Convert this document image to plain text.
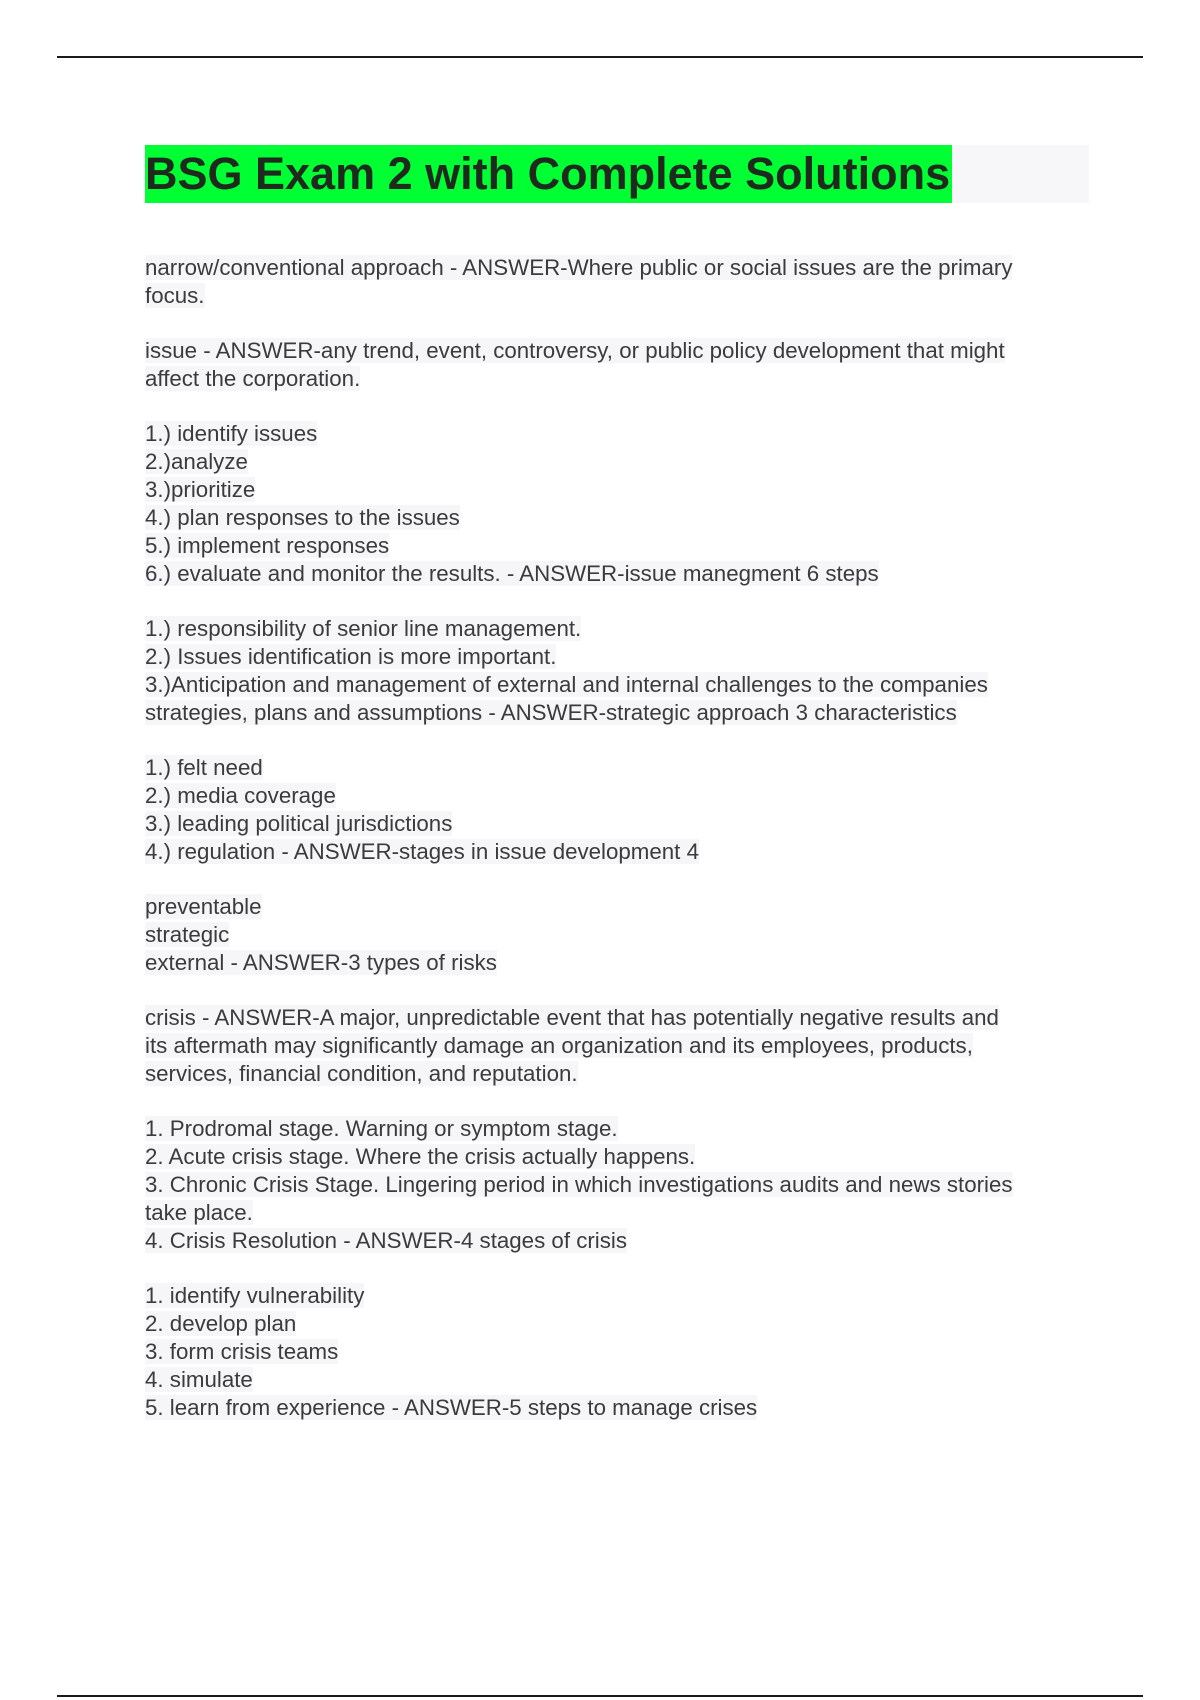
BSG Exam 2 with Complete Solutions
narrow/conventional approach - ANSWER-Where public or social issues are the primary
focus.
issue - ANSWER-any trend, event, controversy, or public policy development that might
affect the corporation.
1.) identify issues
2.)analyze
3.)prioritize
4.) plan responses to the issues
5.) implement responses
6.) evaluate and monitor the results. - ANSWER-issue manegment 6 steps
1.) responsibility of senior line management.
2.) Issues identification is more important.
3.)Anticipation and management of external and internal challenges to the companies
strategies, plans and assumptions - ANSWER-strategic approach 3 characteristics
1.) felt need
2.) media coverage
3.) leading political jurisdictions
4.) regulation - ANSWER-stages in issue development 4
preventable
strategic
external - ANSWER-3 types of risks
crisis - ANSWER-A major, unpredictable event that has potentially negative results and
its aftermath may significantly damage an organization and its employees, products,
services, financial condition, and reputation.
1. Prodromal stage. Warning or symptom stage.
2. Acute crisis stage. Where the crisis actually happens.
3. Chronic Crisis Stage. Lingering period in which investigations audits and news stories
take place.
4. Crisis Resolution - ANSWER-4 stages of crisis
1. identify vulnerability
2. develop plan
3. form crisis teams
4. simulate
5. learn from experience - ANSWER-5 steps to manage crises
